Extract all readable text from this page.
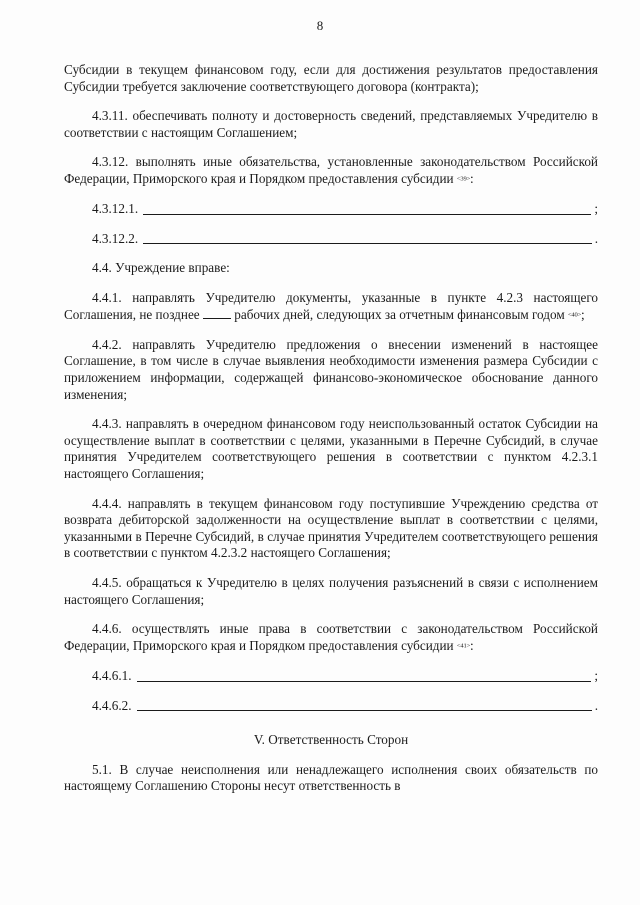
8

Субсидии в текущем финансовом году, если для достижения результатов предоставления Субсидии требуется заключение соответствующего договора (контракта);

4.3.11. обеспечивать полноту и достоверность сведений, представляемых Учредителю в соответствии с настоящим Соглашением;

4.3.12. выполнять иные обязательства, установленные законодательством Российской Федерации, Приморского края и Порядком предоставления субсидии <39>:

4.3.12.1.	;
4.3.12.2.	.

4.4. Учреждение вправе:

4.4.1. направлять Учредителю документы, указанные в пункте 4.2.3 настоящего Соглашения, не позднее  рабочих дней, следующих за отчетным финансовым годом <40>;

4.4.2. направлять Учредителю предложения о внесении изменений в настоящее Соглашение, в том числе в случае выявления необходимости изменения размера Субсидии с приложением информации, содержащей финансово-экономическое обоснование данного изменения;

4.4.3. направлять в очередном финансовом году неиспользованный остаток Субсидии на осуществление выплат в соответствии с целями, указанными в Перечне Субсидий, в случае принятия Учредителем соответствующего решения в соответствии с пунктом 4.2.3.1 настоящего Соглашения;

4.4.4. направлять в текущем финансовом году поступившие Учреждению средства от возврата дебиторской задолженности на осуществление выплат в соответствии с целями, указанными в Перечне Субсидий, в случае принятия Учредителем соответствующего решения в соответствии с пунктом 4.2.3.2 настоящего Соглашения;

4.4.5. обращаться к Учредителю в целях получения разъяснений в связи с исполнением настоящего Соглашения;

4.4.6. осуществлять иные права в соответствии с законодательством Российской Федерации, Приморского края и Порядком предоставления субсидии <41>:

4.4.6.1.	;
4.4.6.2.	.

V. Ответственность Сторон

5.1. В случае неисполнения или ненадлежащего исполнения своих обязательств по настоящему Соглашению Стороны несут ответственность в
